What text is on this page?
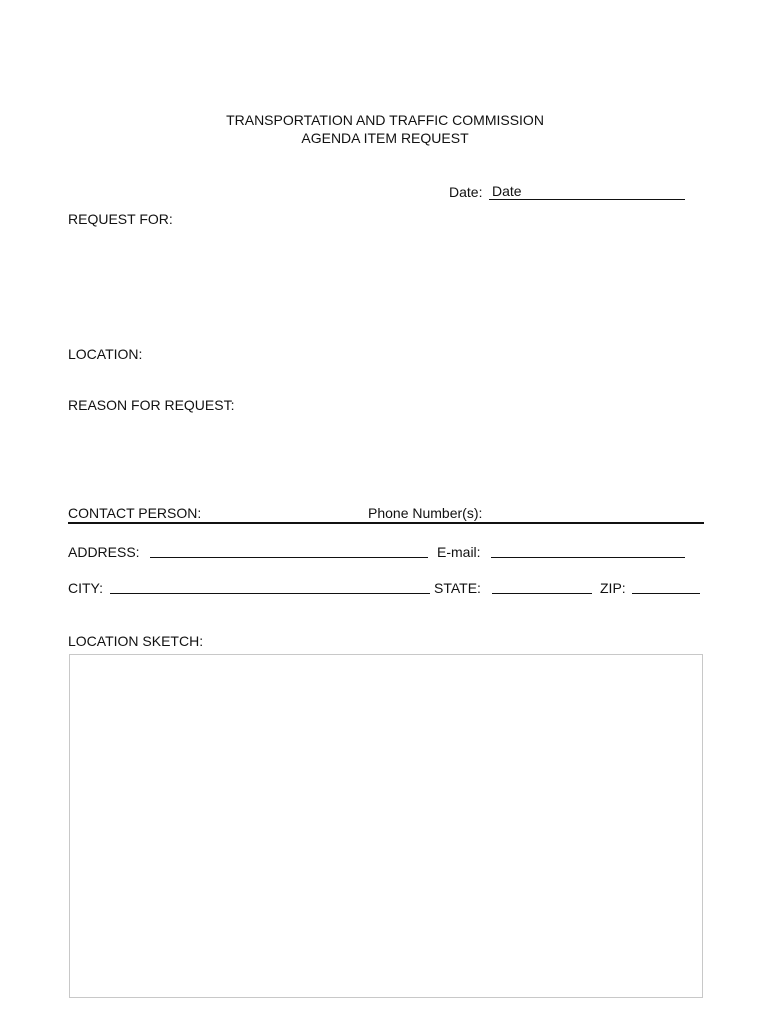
TRANSPORTATION AND TRAFFIC COMMISSION
AGENDA ITEM REQUEST
Date: Date
REQUEST FOR:
LOCATION:
REASON FOR REQUEST:
CONTACT PERSON:	Phone Number(s):
ADDRESS:	E-mail:
CITY:	STATE:	ZIP:
LOCATION SKETCH:
